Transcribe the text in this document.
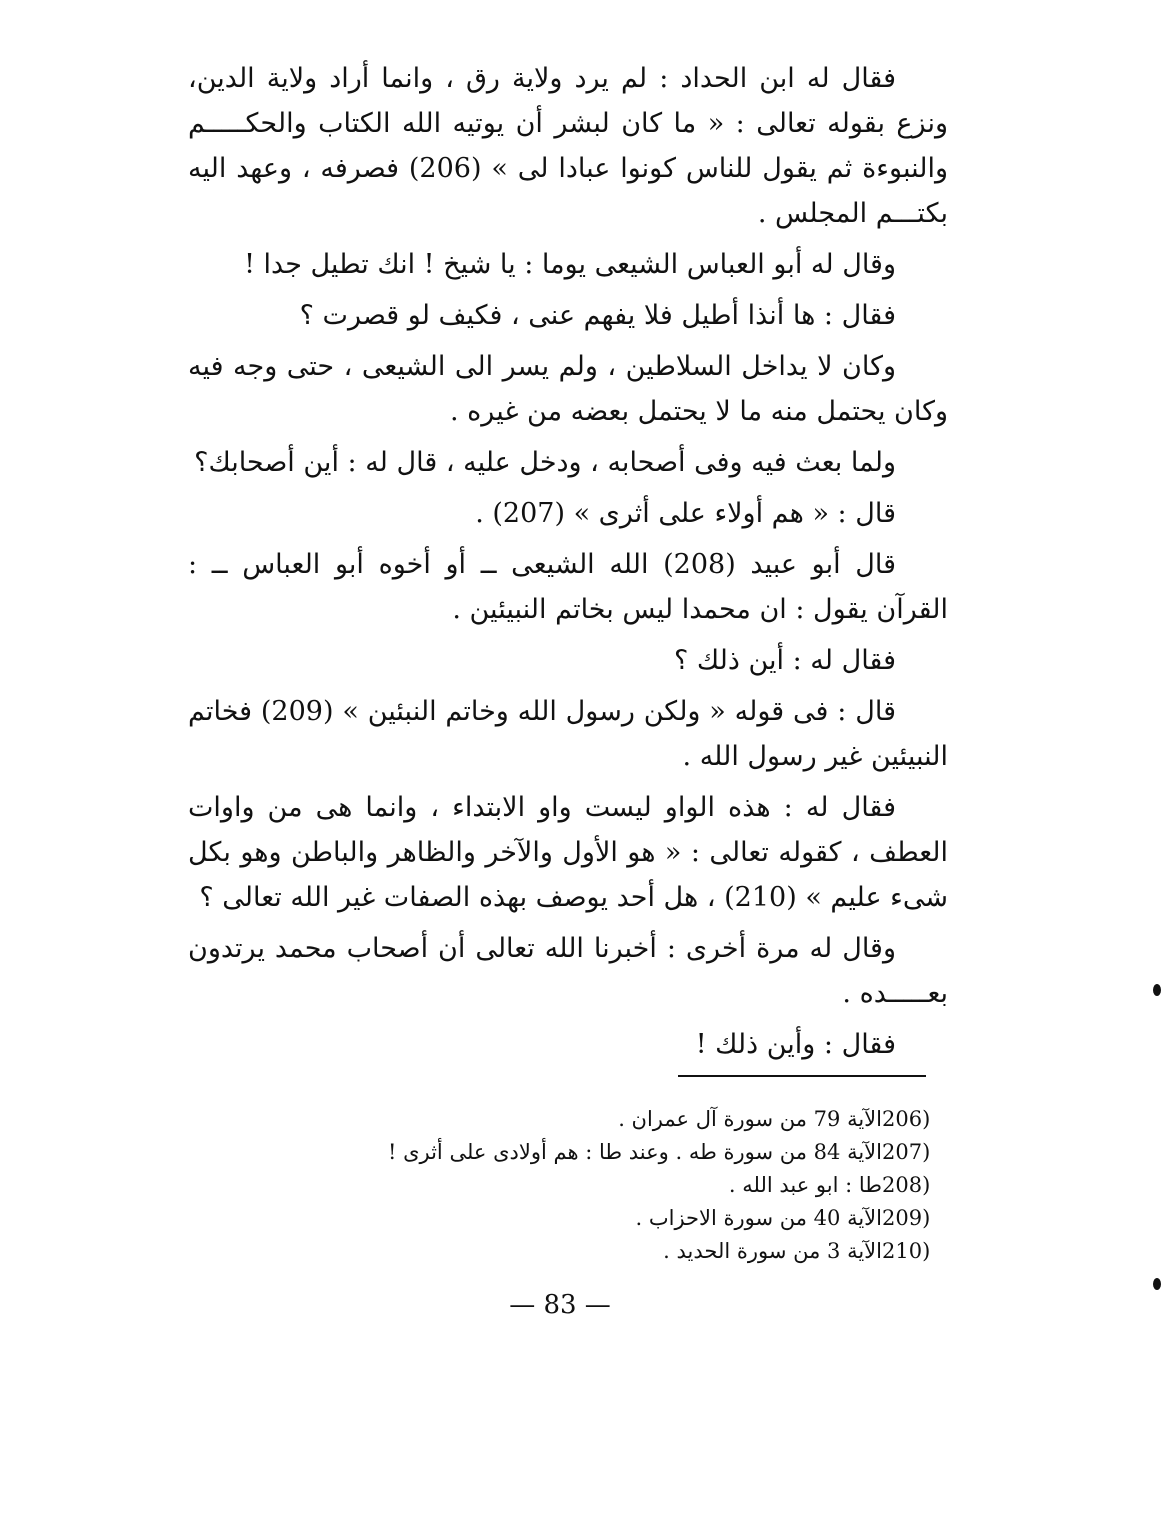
فقال له ابن الحداد : لم يرد ولاية رق ، وانما أراد ولاية الدين، ونزع بقوله تعالى : « ما كان لبشر أن يوتيه الله الكتاب والحكـــــم والنبوءة ثم يقول للناس كونوا عبادا لى » (206) فصرفه ، وعهد اليه بكتـــم المجلس .

وقال له أبو العباس الشيعى يوما : يا شيخ ! انك تطيل جدا !

فقال : ها أنذا أطيل فلا يفهم عنى ، فكيف لو قصرت ؟

وكان لا يداخل السلاطين ، ولم يسر الى الشيعى ، حتى وجه فيه وكان يحتمل منه ما لا يحتمل بعضه من غيره .

ولما بعث فيه وفى أصحابه ، ودخل عليه ، قال له : أين أصحابك؟

قال : « هم أولاء على أثرى » (207) .

قال أبو عبيد (208) الله الشيعى ــ أو أخوه أبو العباس ــ : القرآن يقول : ان محمدا ليس بخاتم النبيئين .

فقال له : أين ذلك ؟

قال : فى قوله « ولكن رسول الله وخاتم النبئين » (209) فخاتم النبيئين غير رسول الله .

فقال له : هذه الواو ليست واو الابتداء ، وانما هى من واوات العطف ، كقوله تعالى : « هو الأول والآخر والظاهر والباطن وهو بكل شىء عليم » (210) ، هل أحد يوصف بهذه الصفات غير الله تعالى ؟

وقال له مرة أخرى : أخبرنا الله تعالى أن أصحاب محمد يرتدون بعـــــده .

فقال : وأين ذلك !

206)
الآية 79 من سورة آل عمران .
207)
الآية 84 من سورة طه . وعند طا : هم أولادى على أثرى !
208)
طا : ابو عبد الله .
209)
الآية 40 من سورة الاحزاب .
210)
الآية 3 من سورة الحديد .
— 83 —
